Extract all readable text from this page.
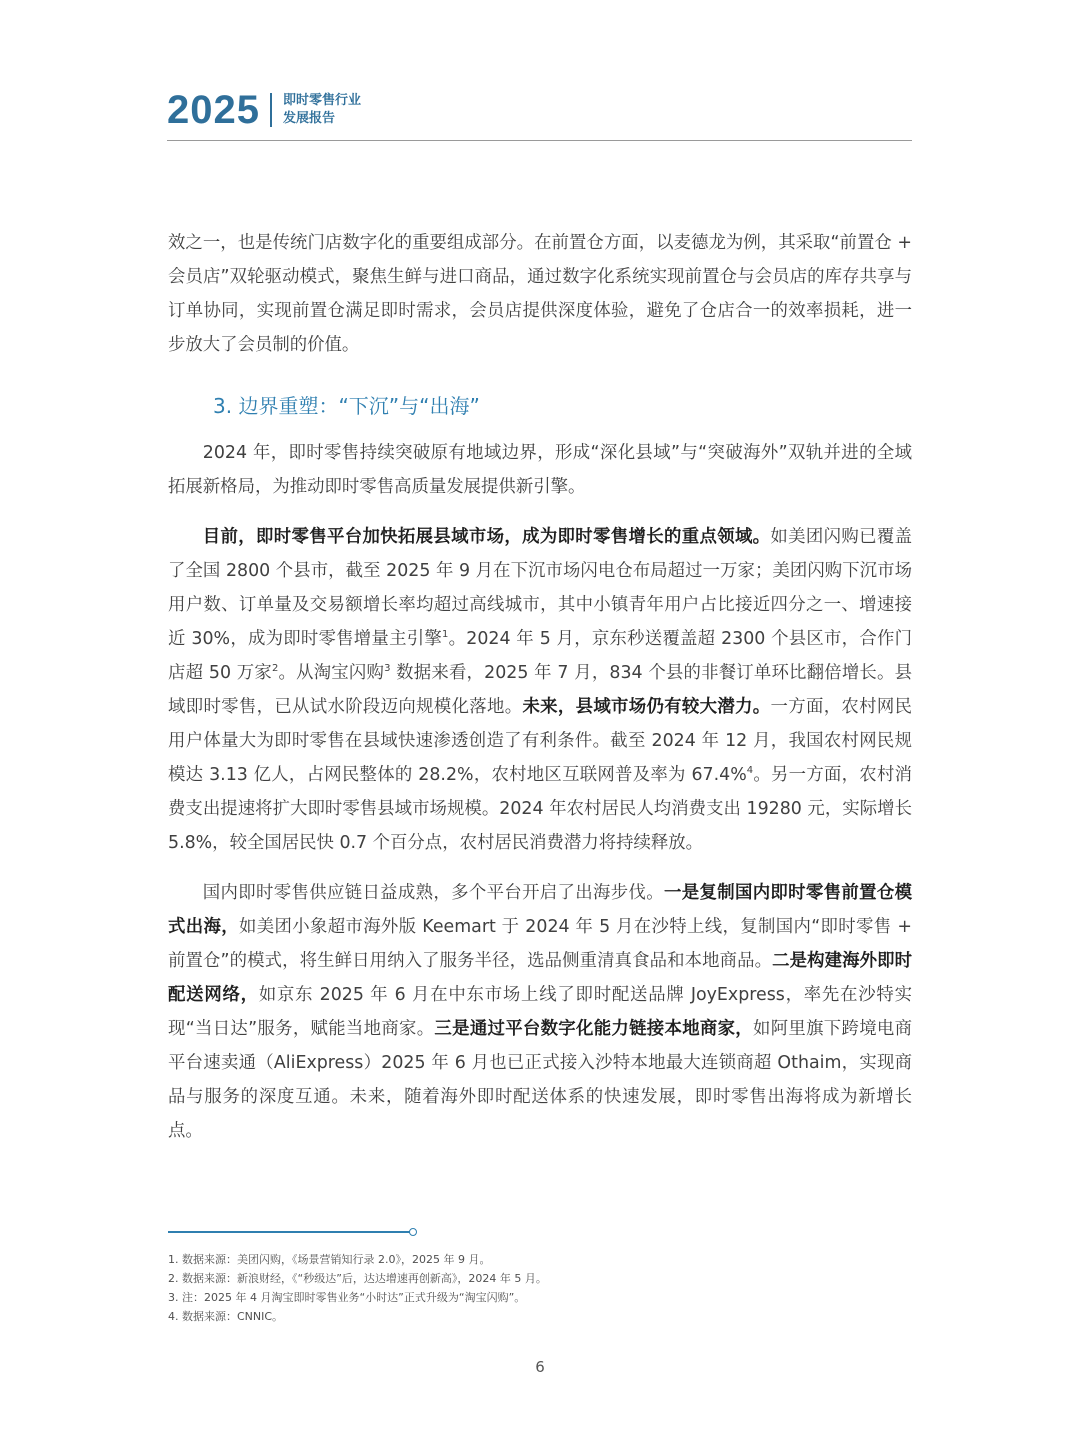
2025 即时零售行业
发展报告

效之一，也是传统门店数字化的重要组成部分。在前置仓方面，以麦德龙为例，其采取“前置仓 + 会员店”双轮驱动模式，聚焦生鲜与进口商品，通过数字化系统实现前置仓与会员店的库存共享与订单协同，实现前置仓满足即时需求，会员店提供深度体验，避免了仓店合一的效率损耗，进一步放大了会员制的价值。

3. 边界重塑：“下沉”与“出海”

2024 年，即时零售持续突破原有地域边界，形成“深化县域”与“突破海外”双轨并进的全域拓展新格局，为推动即时零售高质量发展提供新引擎。

目前，即时零售平台加快拓展县域市场，成为即时零售增长的重点领域。如美团闪购已覆盖了全国 2800 个县市，截至 2025 年 9 月在下沉市场闪电仓布局超过一万家；美团闪购下沉市场用户数、订单量及交易额增长率均超过高线城市，其中小镇青年用户占比接近四分之一、增速接近 30%，成为即时零售增量主引擎$^1$。2024 年 5 月，京东秒送覆盖超 2300 个县区市，合作门店超 50 万家$^2$。从淘宝闪购$^3$ 数据来看，2025 年 7 月，834 个县的非餐订单环比翻倍增长。县域即时零售，已从试水阶段迈向规模化落地。未来，县域市场仍有较大潜力。一方面，农村网民用户体量大为即时零售在县域快速渗透创造了有利条件。截至 2024 年 12 月，我国农村网民规模达 3.13 亿人，占网民整体的 28.2%，农村地区互联网普及率为 67.4%$^4$。另一方面，农村消费支出提速将扩大即时零售县域市场规模。2024 年农村居民人均消费支出 19280 元，实际增长 5.8%，较全国居民快 0.7 个百分点，农村居民消费潜力将持续释放。

国内即时零售供应链日益成熟，多个平台开启了出海步伐。一是复制国内即时零售前置仓模式出海，如美团小象超市海外版 Keemart 于 2024 年 5 月在沙特上线，复制国内“即时零售 + 前置仓”的模式，将生鲜日用纳入了服务半径，选品侧重清真食品和本地商品。二是构建海外即时配送网络，如京东 2025 年 6 月在中东市场上线了即时配送品牌 JoyExpress，率先在沙特实现“当日达”服务，赋能当地商家。三是通过平台数字化能力链接本地商家，如阿里旗下跨境电商平台速卖通（AliExpress）2025 年 6 月也已正式接入沙特本地最大连锁商超 Othaim，实现商品与服务的深度互通。未来，随着海外即时配送体系的快速发展，即时零售出海将成为新增长点。

1. 数据来源：美团闪购，《场景营销知行录 2.0》，2025 年 9 月。
2. 数据来源：新浪财经，《“秒级达”后，达达增速再创新高》，2024 年 5 月。
3. 注：2025 年 4 月淘宝即时零售业务“小时达”正式升级为“淘宝闪购”。
4. 数据来源：CNNIC。
6
